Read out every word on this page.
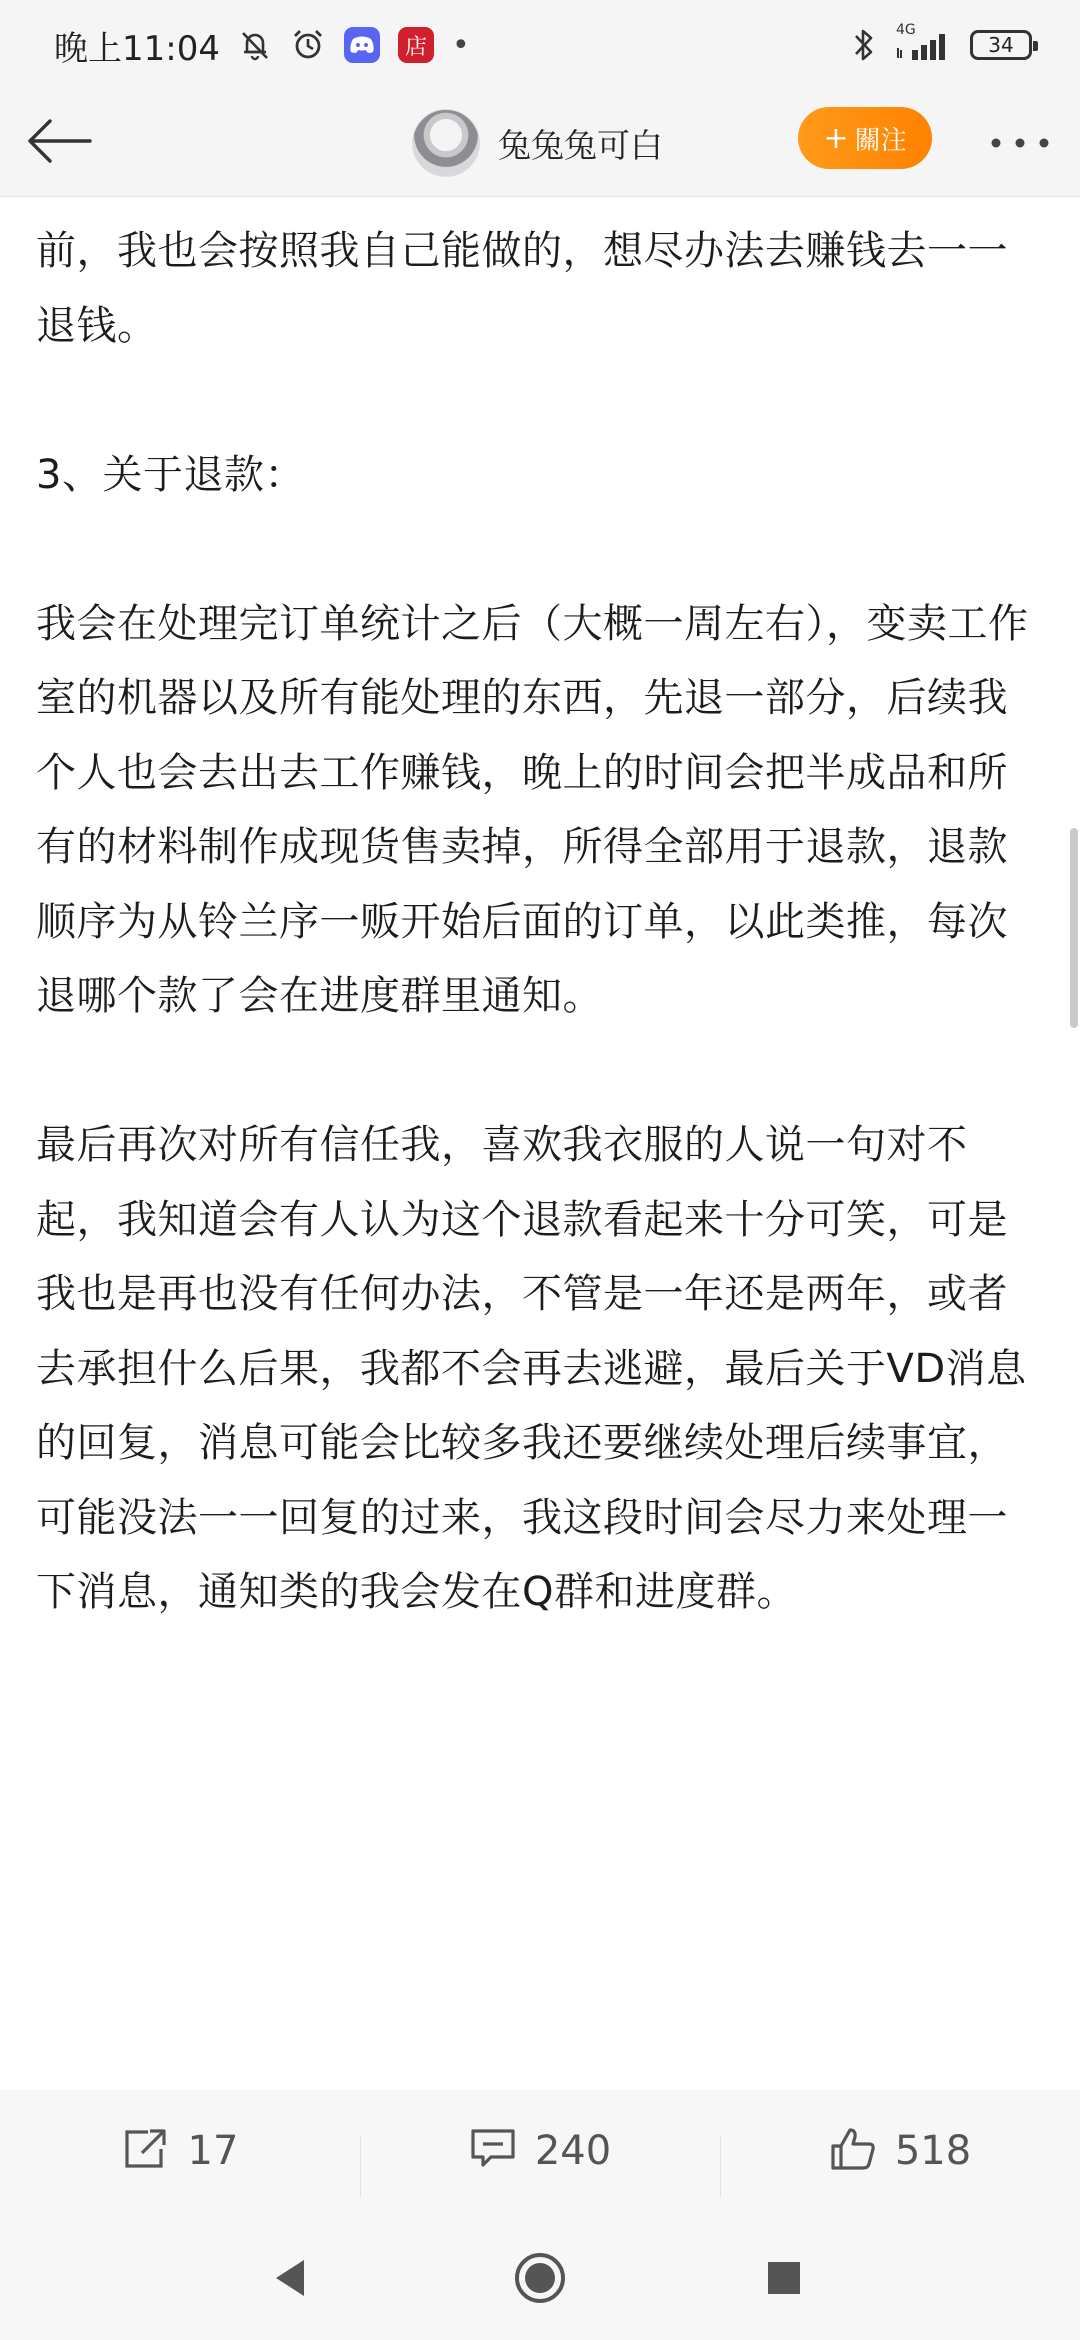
晚上11:04	店 •	4G
34
兔兔兔可白	+ 關注

前，我也会按照我自己能做的，想尽办法去赚钱去一一退钱。

3、关于退款：

我会在处理完订单统计之后（大概一周左右），变卖工作室的机器以及所有能处理的东西，先退一部分，后续我个人也会去出去工作赚钱，晚上的时间会把半成品和所有的材料制作成现货售卖掉，所得全部用于退款，退款顺序为从铃兰序一贩开始后面的订单，以此类推，每次退哪个款了会在进度群里通知。

最后再次对所有信任我，喜欢我衣服的人说一句对不起，我知道会有人认为这个退款看起来十分可笑，可是我也是再也没有任何办法，不管是一年还是两年，或者去承担什么后果，我都不会再去逃避，最后关于VD消息的回复，消息可能会比较多我还要继续处理后续事宜，可能没法一一回复的过来，我这段时间会尽力来处理一下消息，通知类的我会发在Q群和进度群。

17	240	518
